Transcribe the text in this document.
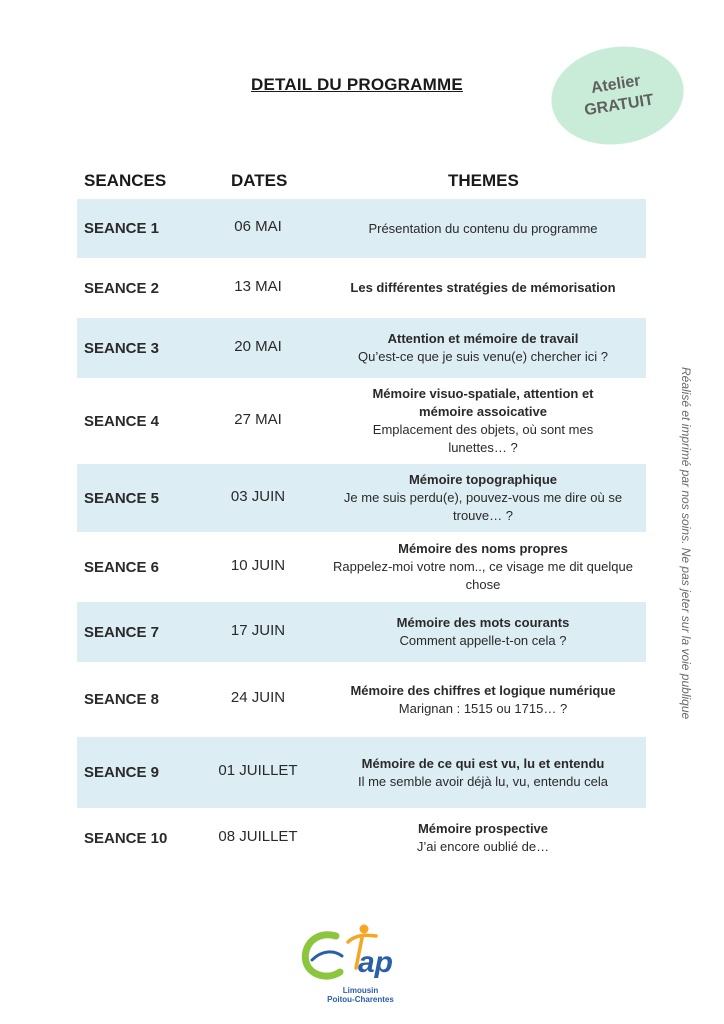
DETAIL DU PROGRAMME	Atelier
GRATUIT
SEANCES	DATES	THEMES
SEANCE 1	06 MAI	Présentation du contenu du programme
SEANCE 2	13 MAI	Les différentes stratégies de mémorisation
SEANCE 3	20 MAI	Attention et mémoire de travail
Qu’est-ce que je suis venu(e) chercher ici ?
SEANCE 4	27 MAI
Mémoire visuo-spatiale, attention et mémoire assoicative
Emplacement des objets, où sont mes lunettes… ?
SEANCE 5	03 JUIN
Mémoire topographique
Je me suis perdu(e), pouvez-vous me dire où se trouve… ?
SEANCE 6	10 JUIN
Mémoire des noms propres
Rappelez-moi votre nom.., ce visage me dit quelque chose
SEANCE 7	17 JUIN	Mémoire des mots courants
Comment appelle-t-on cela ?
SEANCE 8	24 JUIN	Mémoire des chiffres et logique numérique
Marignan : 1515 ou 1715… ?
SEANCE 9	01 JUILLET	Mémoire de ce qui est vu, lu et entendu
Il me semble avoir déjà lu, vu, entendu cela
SEANCE 10	08 JUILLET	Mémoire prospective
J’ai encore oublié de…
Réalisé et imprimé par nos soins. Ne pas jeter sur la voie publique
ap
Limousin
Poitou-Charentes
